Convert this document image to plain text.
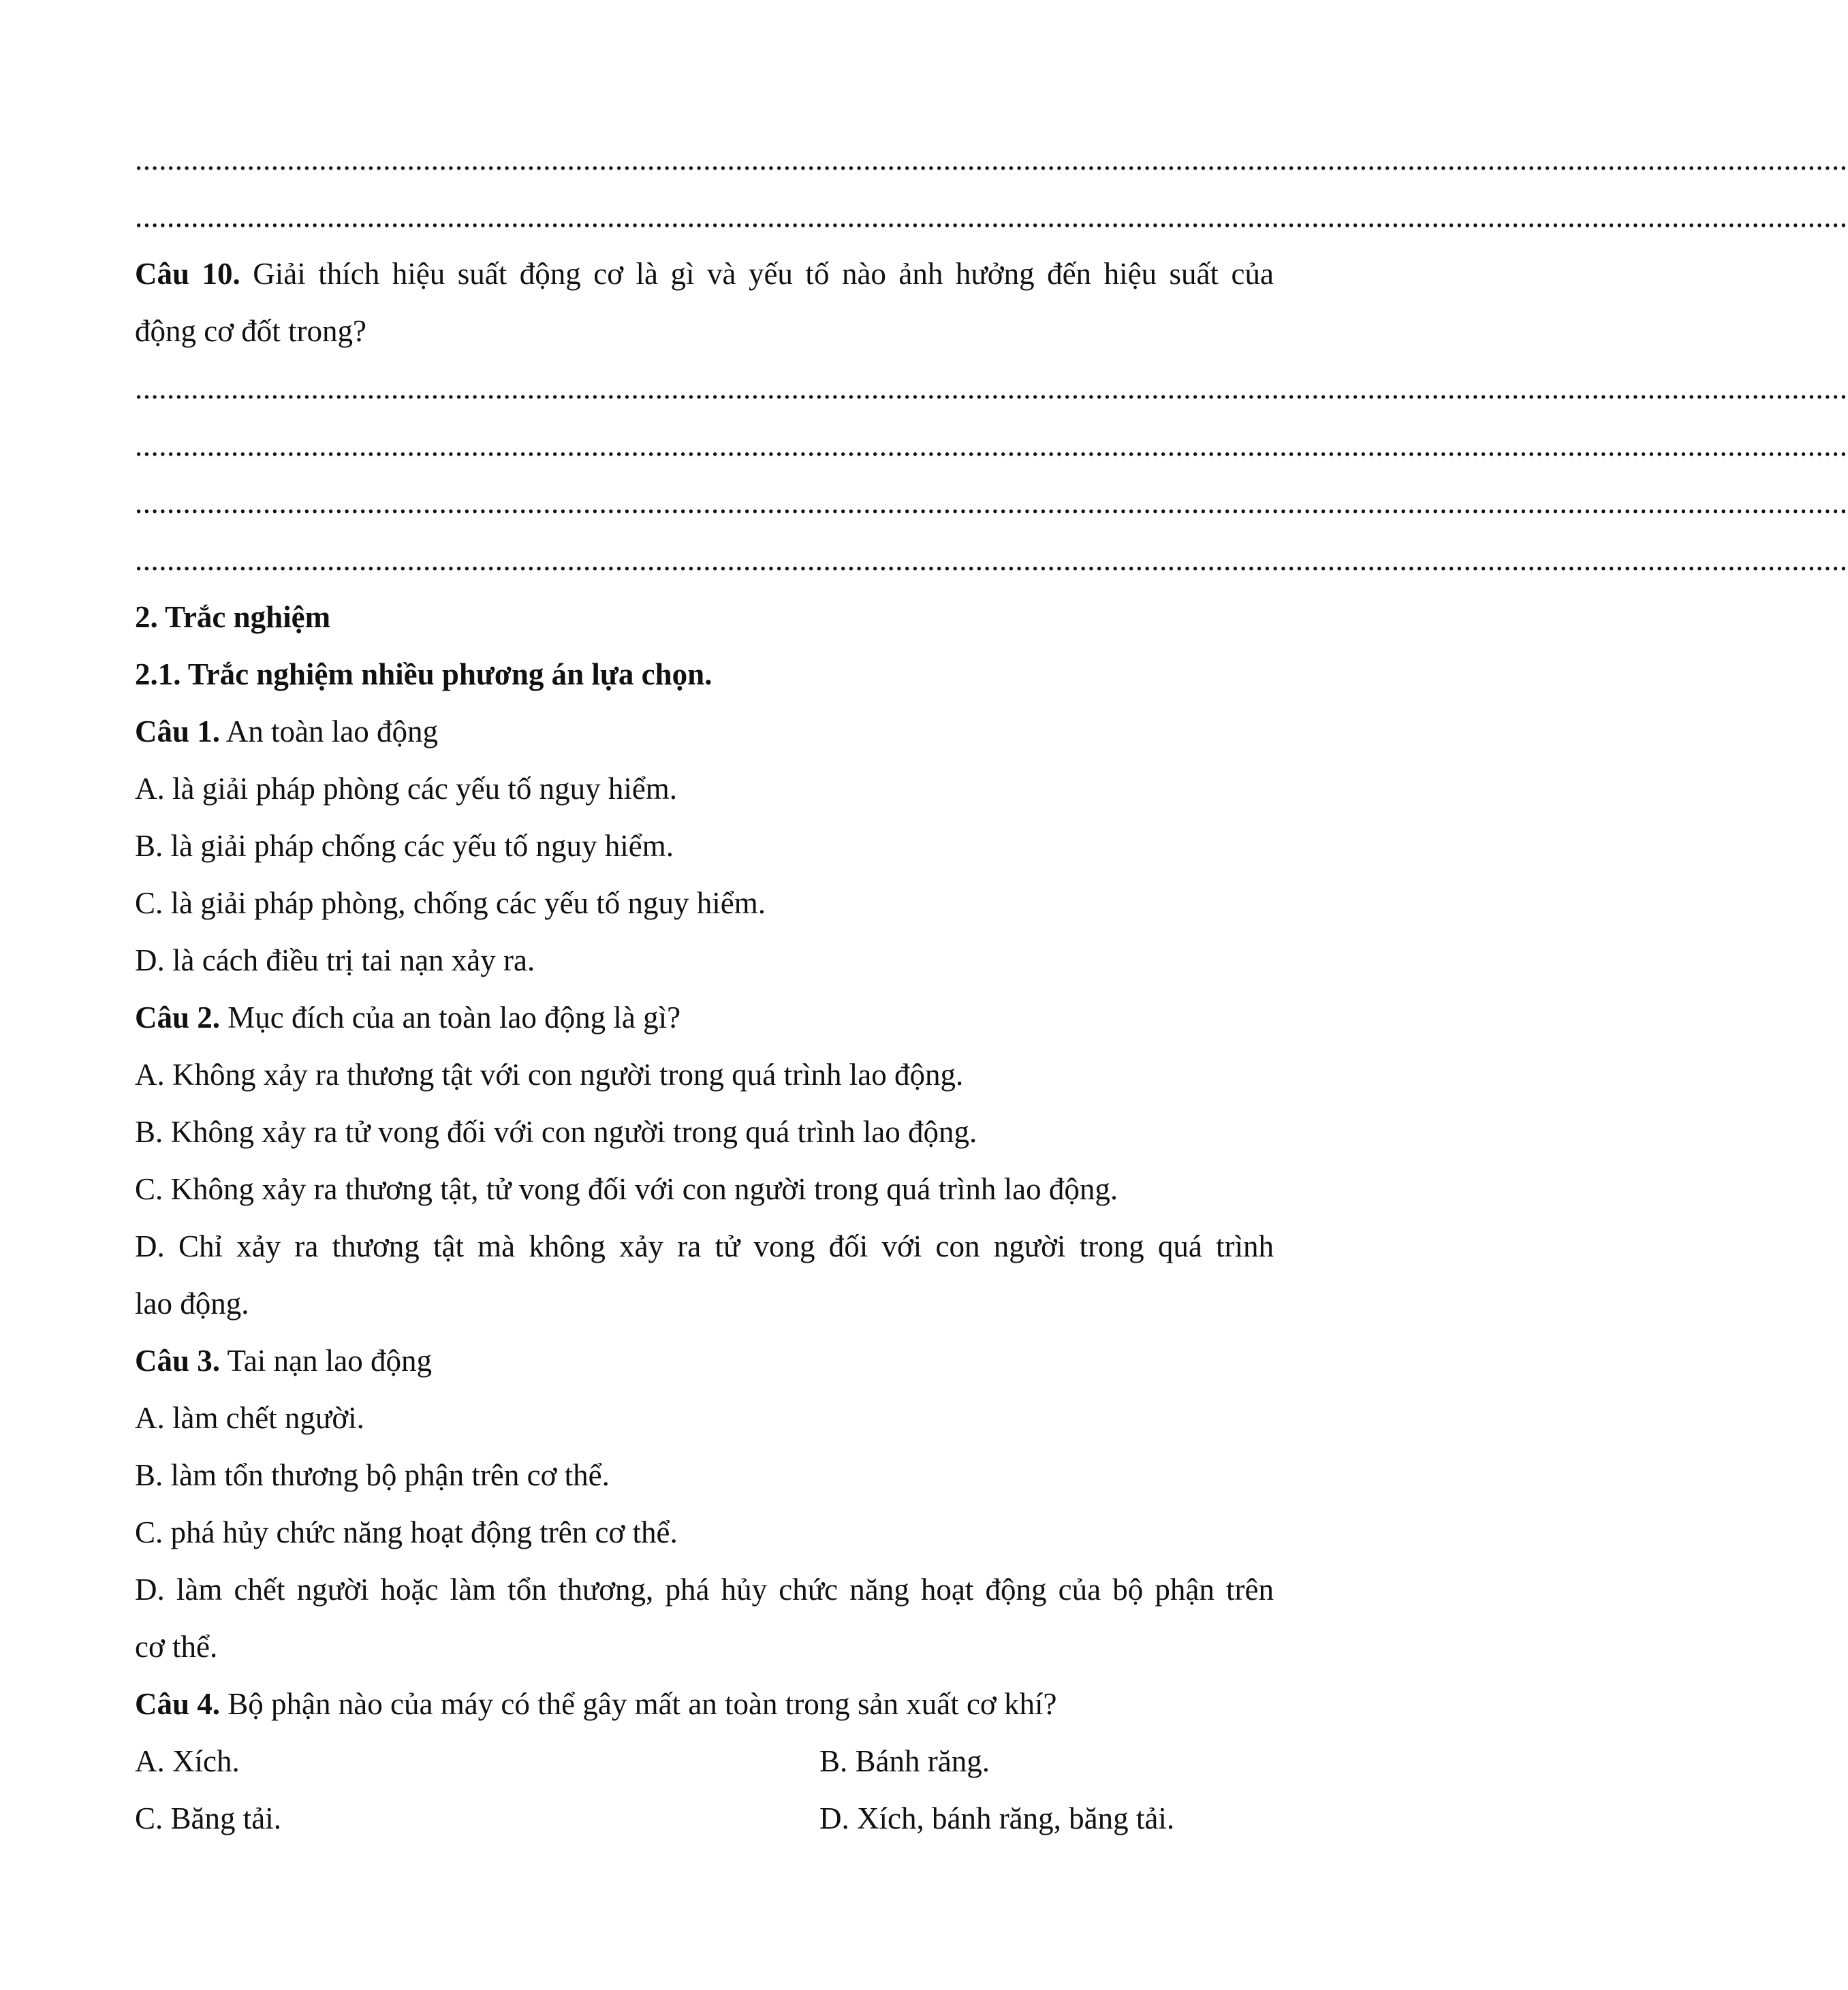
......................................................................................................................................................................................................................
......................................................................................................................................................................................................................
Câu 10. Giải thích hiệu suất động cơ là gì và yếu tố nào ảnh hưởng đến hiệu suất của
động cơ đốt trong?
......................................................................................................................................................................................................................
......................................................................................................................................................................................................................
......................................................................................................................................................................................................................
......................................................................................................................................................................................................................
2. Trắc nghiệm
2.1. Trắc nghiệm nhiều phương án lựa chọn.
Câu 1. An toàn lao động
A. là giải pháp phòng các yếu tố nguy hiểm.
B. là giải pháp chống các yếu tố nguy hiểm.
C. là giải pháp phòng, chống các yếu tố nguy hiểm.
D. là cách điều trị tai nạn xảy ra.
Câu 2. Mục đích của an toàn lao động là gì?
A. Không xảy ra thương tật với con người trong quá trình lao động.
B. Không xảy ra tử vong đối với con người trong quá trình lao động.
C. Không xảy ra thương tật, tử vong đối với con người trong quá trình lao động.
D. Chỉ xảy ra thương tật mà không xảy ra tử vong đối với con người trong quá trình
lao động.
Câu 3. Tai nạn lao động
A. làm chết người.
B. làm tổn thương bộ phận trên cơ thể.
C. phá hủy chức năng hoạt động trên cơ thể.
D. làm chết người hoặc làm tổn thương, phá hủy chức năng hoạt động của bộ phận trên
cơ thể.
Câu 4. Bộ phận nào của máy có thể gây mất an toàn trong sản xuất cơ khí?
A. Xích.	B. Bánh răng.
C. Băng tải.	D. Xích, bánh răng, băng tải.
